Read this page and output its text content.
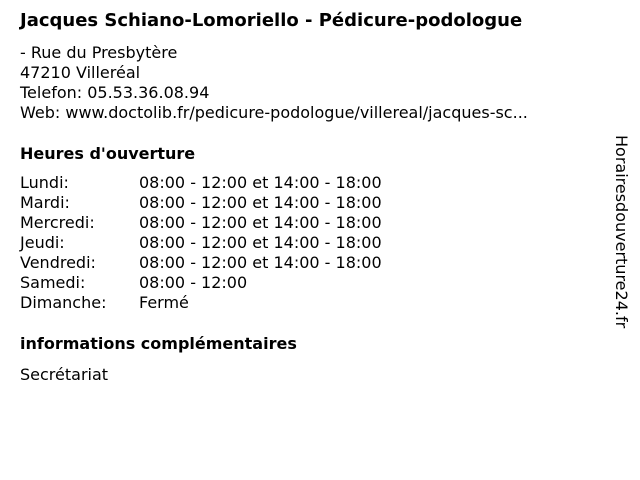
Jacques Schiano-Lomoriello - Pédicure-podologue
- Rue du Presbytère
47210 Villeréal
Telefon: 05.53.36.08.94
Web: www.doctolib.fr/pedicure-podologue/villereal/jacques-sc...
Heures d'ouverture
Lundi:	08:00 - 12:00 et 14:00 - 18:00
Mardi:	08:00 - 12:00 et 14:00 - 18:00
Mercredi:	08:00 - 12:00 et 14:00 - 18:00
Jeudi:	08:00 - 12:00 et 14:00 - 18:00
Vendredi:	08:00 - 12:00 et 14:00 - 18:00
Samedi:	08:00 - 12:00
Dimanche:	Fermé
informations complémentaires
Secrétariat
Horairesdouverture24.fr
